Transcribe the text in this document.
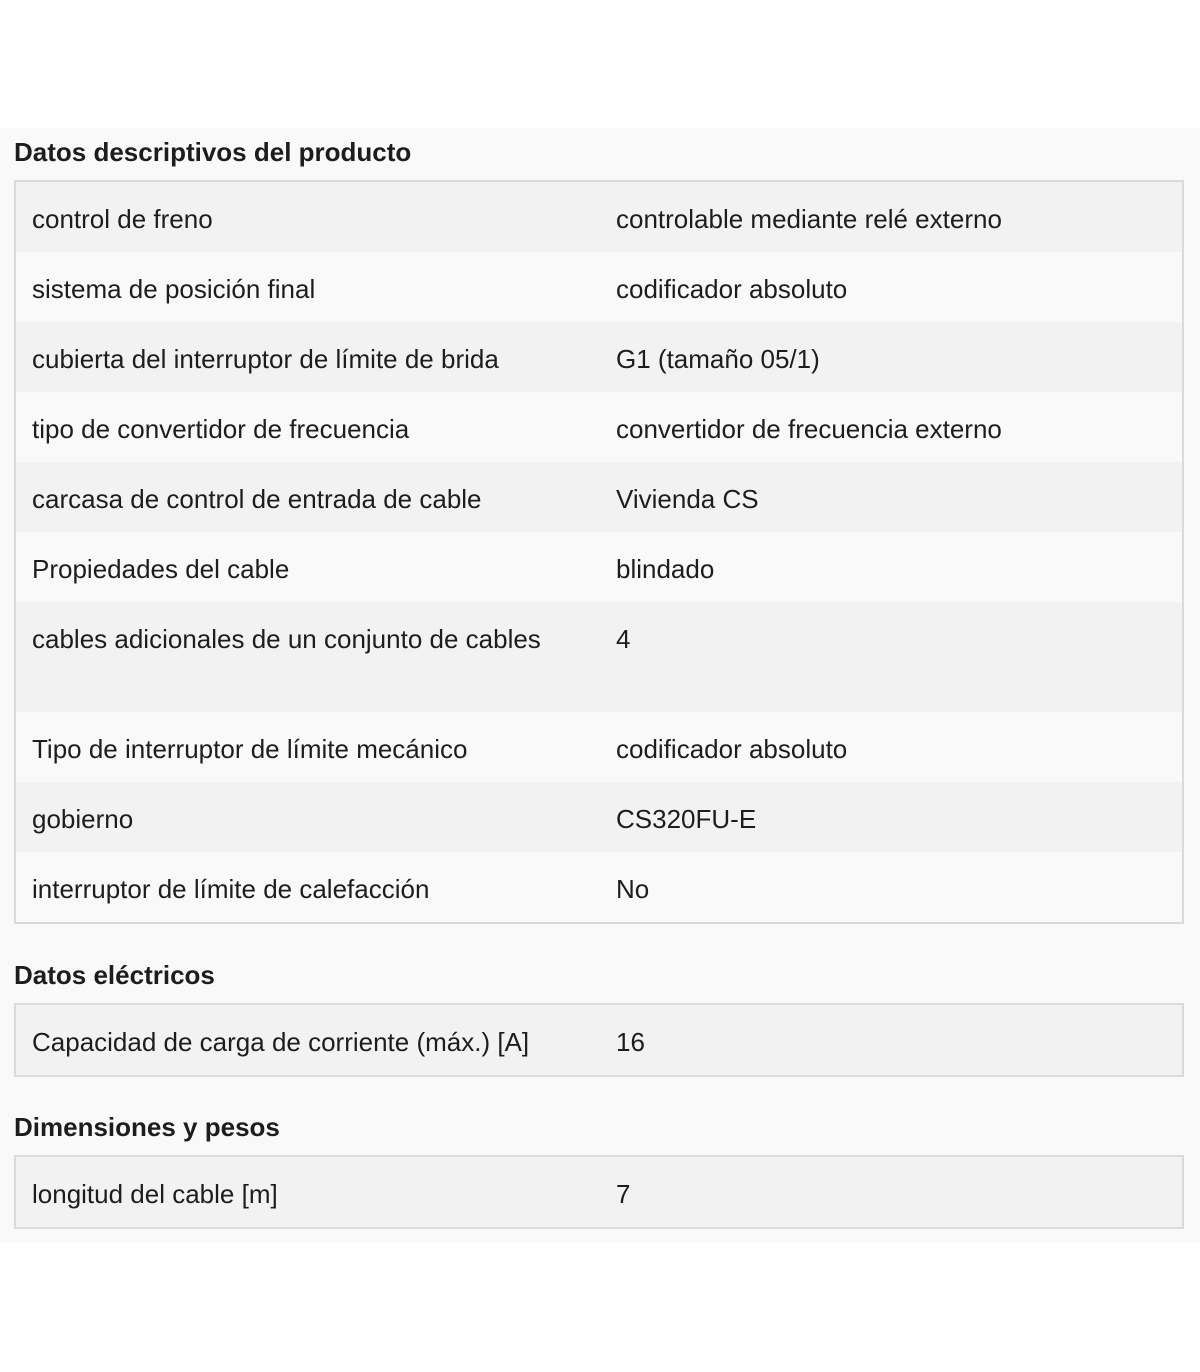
Datos descriptivos del producto
control de freno	controlable mediante relé externo
sistema de posición final	codificador absoluto
cubierta del interruptor de límite de brida	G1 (tamaño 05/1)
tipo de convertidor de frecuencia	convertidor de frecuencia externo
carcasa de control de entrada de cable	Vivienda CS
Propiedades del cable	blindado
cables adicionales de un conjunto de cables	4
Tipo de interruptor de límite mecánico	codificador absoluto
gobierno	CS320FU-E
interruptor de límite de calefacción	No
Datos eléctricos
Capacidad de carga de corriente (máx.) [A]	16
Dimensiones y pesos
longitud del cable [m]	7
